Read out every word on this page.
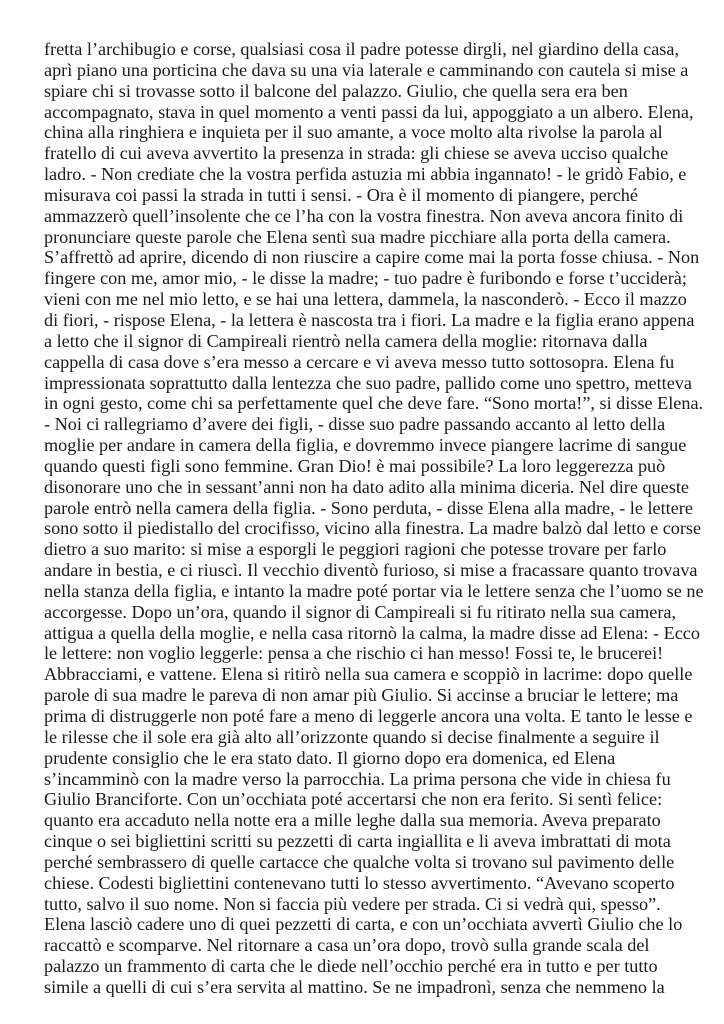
fretta l’archibugio e corse, qualsiasi cosa il padre potesse dirgli, nel giardino della casa,
aprì piano una porticina che dava su una via laterale e camminando con cautela si mise a
spiare chi si trovasse sotto il balcone del palazzo. Giulio, che quella sera era ben
accompagnato, stava in quel momento a venti passi da lui, appoggiato a un albero. Elena,
china alla ringhiera e inquieta per il suo amante, a voce molto alta rivolse la parola al
fratello di cui aveva avvertito la presenza in strada: gli chiese se aveva ucciso qualche
ladro. - Non crediate che la vostra perfida astuzia mi abbia ingannato! - le gridò Fabio, e
misurava coi passi la strada in tutti i sensi. - Ora è il momento di piangere, perché
ammazzerò quell’insolente che ce l’ha con la vostra finestra. Non aveva ancora finito di
pronunciare queste parole che Elena sentì sua madre picchiare alla porta della camera.
S’affrettò ad aprire, dicendo di non riuscire a capire come mai la porta fosse chiusa. - Non
fingere con me, amor mio, - le disse la madre; - tuo padre è furibondo e forse t’ucciderà;
vieni con me nel mio letto, e se hai una lettera, dammela, la nasconderò. - Ecco il mazzo
di fiori, - rispose Elena, - la lettera è nascosta tra i fiori. La madre e la figlia erano appena
a letto che il signor di Campireali rientrò nella camera della moglie: ritornava dalla
cappella di casa dove s’era messo a cercare e vi aveva messo tutto sottosopra. Elena fu
impressionata soprattutto dalla lentezza che suo padre, pallido come uno spettro, metteva
in ogni gesto, come chi sa perfettamente quel che deve fare. “Sono morta!”, si disse Elena.
- Noi ci rallegriamo d’avere dei figli, - disse suo padre passando accanto al letto della
moglie per andare in camera della figlia, e dovremmo invece piangere lacrime di sangue
quando questi figli sono femmine. Gran Dio! è mai possibile? La loro leggerezza può
disonorare uno che in sessant’anni non ha dato adito alla minima diceria. Nel dire queste
parole entrò nella camera della figlia. - Sono perduta, - disse Elena alla madre, - le lettere
sono sotto il piedistallo del crocifisso, vicino alla finestra. La madre balzò dal letto e corse
dietro a suo marito: si mise a esporgli le peggiori ragioni che potesse trovare per farlo
andare in bestia, e ci riuscì. Il vecchio diventò furioso, si mise a fracassare quanto trovava
nella stanza della figlia, e intanto la madre poté portar via le lettere senza che l’uomo se ne
accorgesse. Dopo un’ora, quando il signor di Campireali si fu ritirato nella sua camera,
attigua a quella della moglie, e nella casa ritornò la calma, la madre disse ad Elena: - Ecco
le lettere: non voglio leggerle: pensa a che rischio ci han messo! Fossi te, le brucerei!
Abbracciami, e vattene. Elena si ritirò nella sua camera e scoppiò in lacrime: dopo quelle
parole di sua madre le pareva di non amar più Giulio. Si accinse a bruciar le lettere; ma
prima di distruggerle non poté fare a meno di leggerle ancora una volta. E tanto le lesse e
le rilesse che il sole era già alto all’orizzonte quando si decise finalmente a seguire il
prudente consiglio che le era stato dato. Il giorno dopo era domenica, ed Elena
s’incamminò con la madre verso la parrocchia. La prima persona che vide in chiesa fu
Giulio Branciforte. Con un’occhiata poté accertarsi che non era ferito. Si sentì felice:
quanto era accaduto nella notte era a mille leghe dalla sua memoria. Aveva preparato
cinque o sei bigliettini scritti su pezzetti di carta ingiallita e li aveva imbrattati di mota
perché sembrassero di quelle cartacce che qualche volta si trovano sul pavimento delle
chiese. Codesti bigliettini contenevano tutti lo stesso avvertimento. “Avevano scoperto
tutto, salvo il suo nome. Non si faccia più vedere per strada. Ci si vedrà qui, spesso”.
Elena lasciò cadere uno di quei pezzetti di carta, e con un’occhiata avvertì Giulio che lo
raccattò e scomparve. Nel ritornare a casa un’ora dopo, trovò sulla grande scala del
palazzo un frammento di carta che le diede nell’occhio perché era in tutto e per tutto
simile a quelli di cui s’era servita al mattino. Se ne impadronì, senza che nemmeno la
